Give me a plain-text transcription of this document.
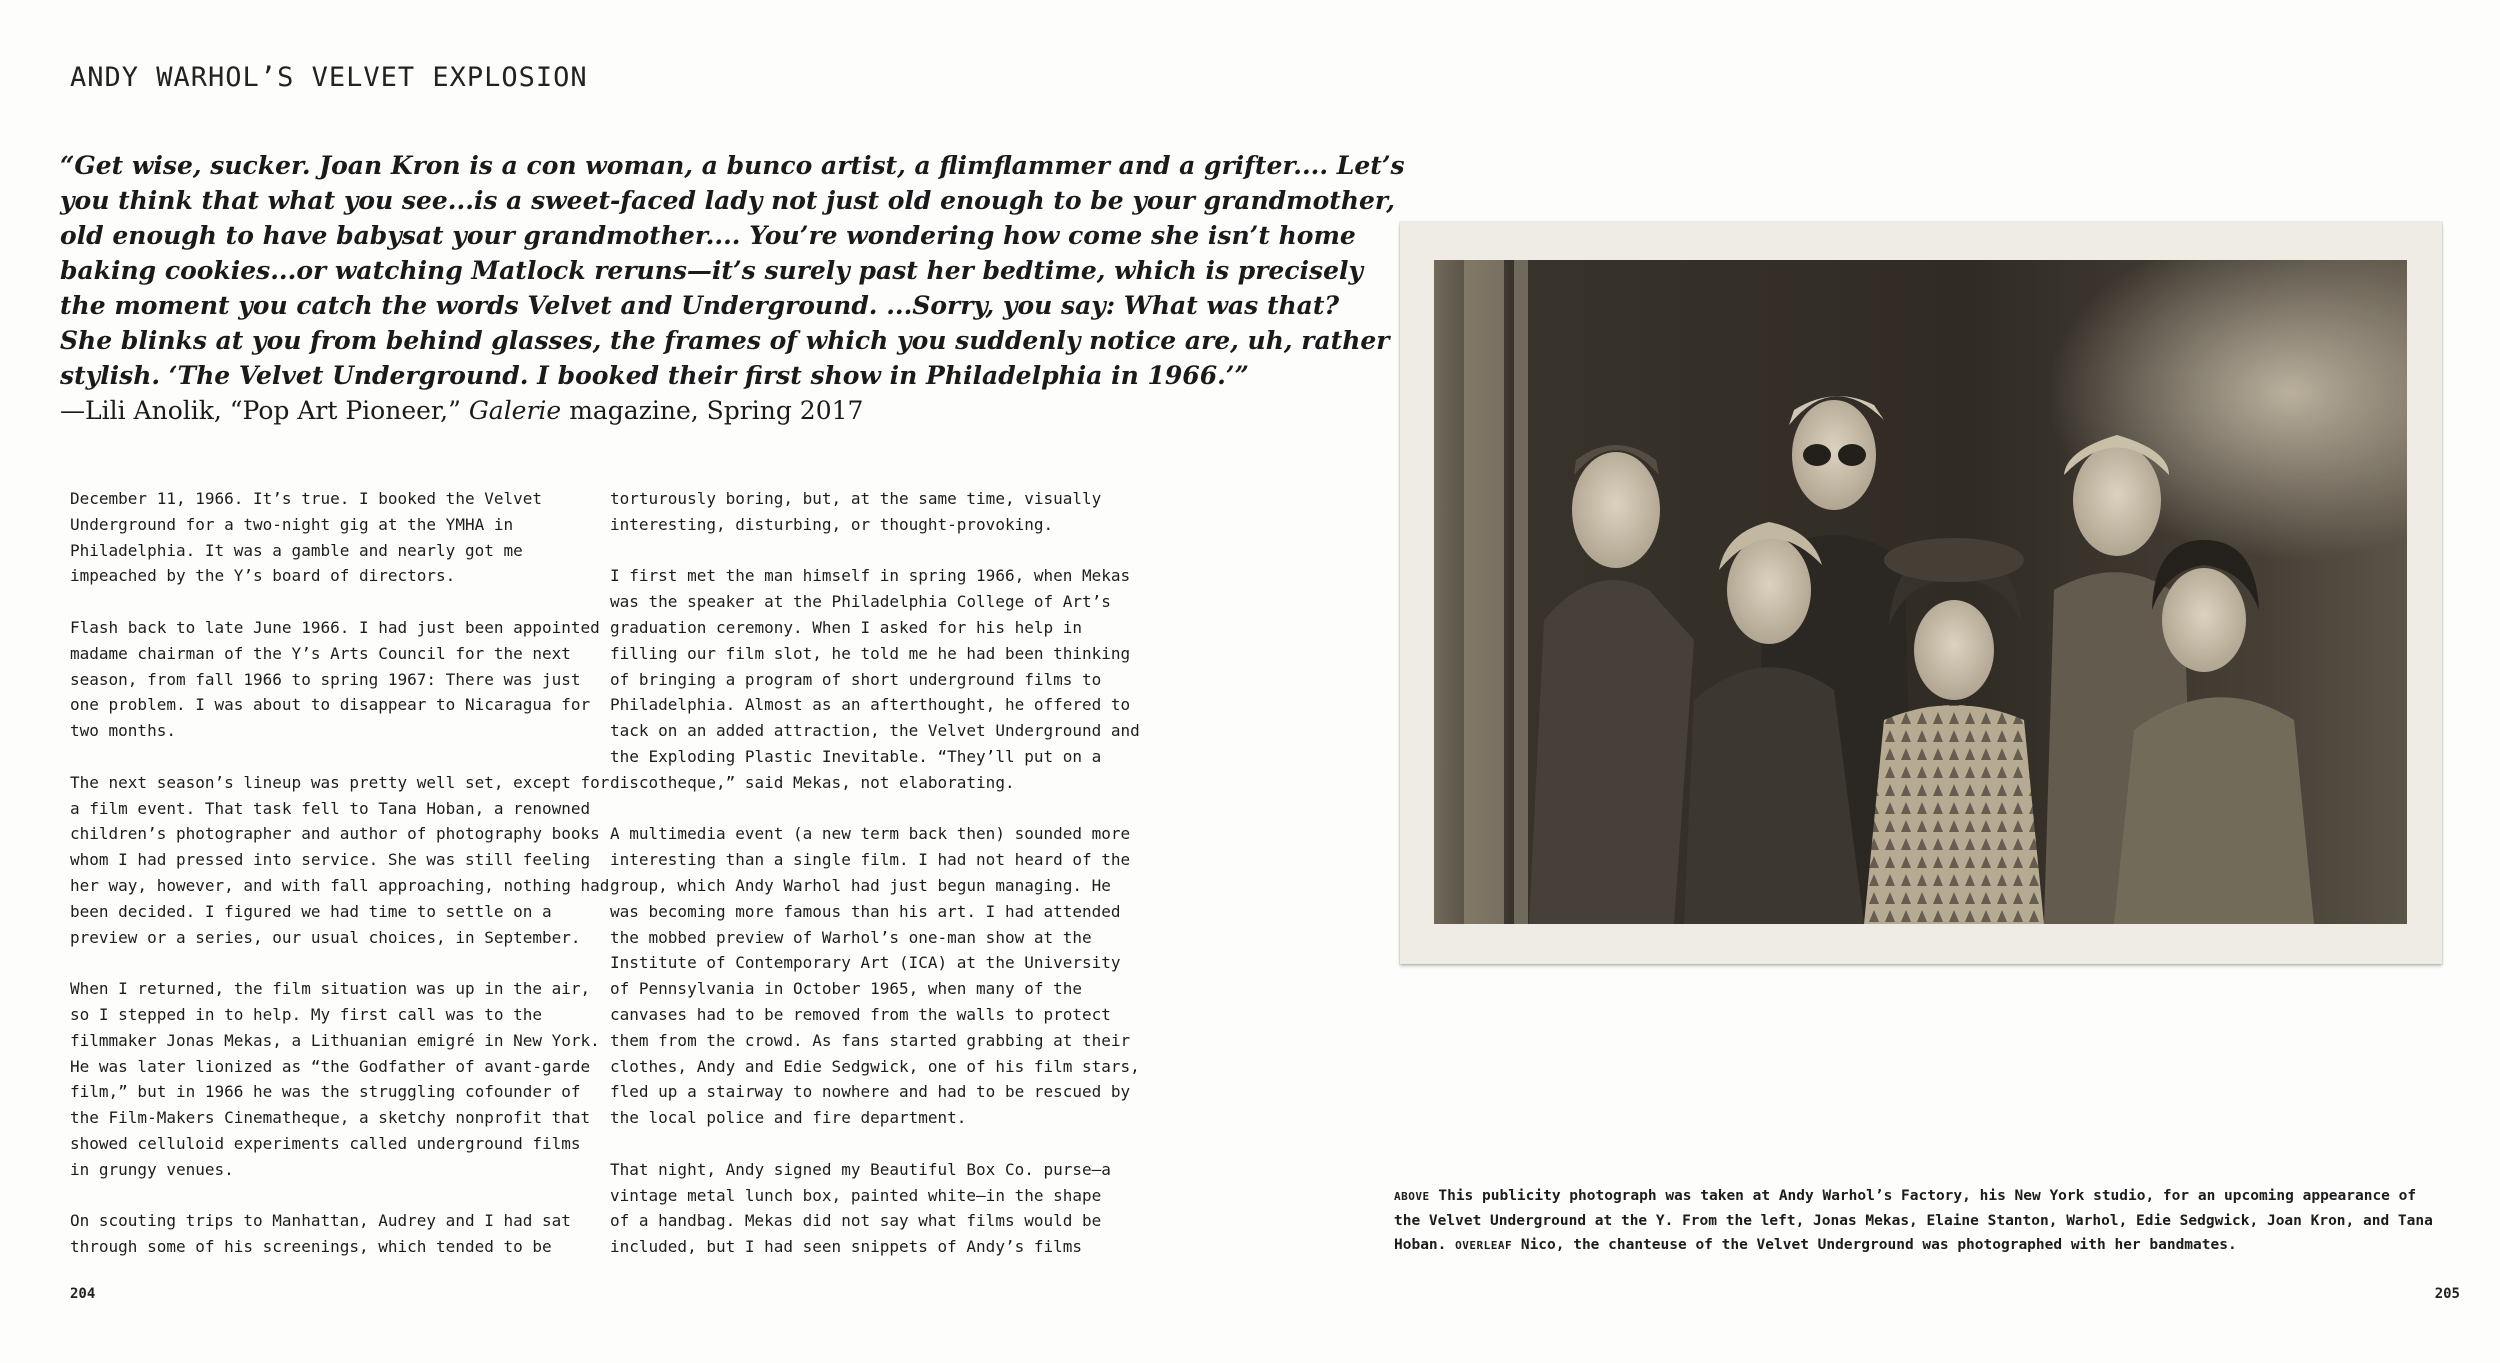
ANDY WARHOL’S VELVET EXPLOSION
“Get wise, sucker. Joan Kron is a con woman, a bunco artist, a flimflammer and a grifter.... Let’s
you think that what you see...is a sweet-faced lady not just old enough to be your grandmother,
old enough to have babysat your grandmother.... You’re wondering how come she isn’t home
baking cookies...or watching Matlock reruns—it’s surely past her bedtime, which is precisely
the moment you catch the words Velvet and Underground. ...Sorry, you say: What was that?
She blinks at you from behind glasses, the frames of which you suddenly notice are, uh, rather
stylish. ‘The Velvet Underground. I booked their first show in Philadelphia in 1966.’”
—Lili Anolik, “Pop Art Pioneer,” Galerie magazine, Spring 2017

December 11, 1966. It’s true. I booked the Velvet
Underground for a two-night gig at the YMHA in
Philadelphia. It was a gamble and nearly got me
impeached by the Y’s board of directors.

Flash back to late June 1966. I had just been appointed
madame chairman of the Y’s Arts Council for the next
season, from fall 1966 to spring 1967: There was just
one problem. I was about to disappear to Nicaragua for
two months.

The next season’s lineup was pretty well set, except for
a film event. That task fell to Tana Hoban, a renowned
children’s photographer and author of photography books
whom I had pressed into service. She was still feeling
her way, however, and with fall approaching, nothing had
been decided. I figured we had time to settle on a
preview or a series, our usual choices, in September.

When I returned, the film situation was up in the air,
so I stepped in to help. My first call was to the
filmmaker Jonas Mekas, a Lithuanian emigré in New York.
He was later lionized as “the Godfather of avant-garde
film,” but in 1966 he was the struggling cofounder of
the Film-Makers Cinematheque, a sketchy nonprofit that
showed celluloid experiments called underground films
in grungy venues.

On scouting trips to Manhattan, Audrey and I had sat
through some of his screenings, which tended to be

torturously boring, but, at the same time, visually
interesting, disturbing, or thought-provoking.

I first met the man himself in spring 1966, when Mekas
was the speaker at the Philadelphia College of Art’s
graduation ceremony. When I asked for his help in
filling our film slot, he told me he had been thinking
of bringing a program of short underground films to
Philadelphia. Almost as an afterthought, he offered to
tack on an added attraction, the Velvet Underground and
the Exploding Plastic Inevitable. “They’ll put on a
discotheque,” said Mekas, not elaborating.

A multimedia event (a new term back then) sounded more
interesting than a single film. I had not heard of the
group, which Andy Warhol had just begun managing. He
was becoming more famous than his art. I had attended
the mobbed preview of Warhol’s one-man show at the
Institute of Contemporary Art (ICA) at the University
of Pennsylvania in October 1965, when many of the
canvases had to be removed from the walls to protect
them from the crowd. As fans started grabbing at their
clothes, Andy and Edie Sedgwick, one of his film stars,
fled up a stairway to nowhere and had to be rescued by
the local police and fire department.

That night, Andy signed my Beautiful Box Co. purse—a
vintage metal lunch box, painted white—in the shape
of a handbag. Mekas did not say what films would be
included, but I had seen snippets of Andy’s films

204
ABOVE This publicity photograph was taken at Andy Warhol’s Factory, his New York studio, for an upcoming appearance of
the Velvet Underground at the Y. From the left, Jonas Mekas, Elaine Stanton, Warhol, Edie Sedgwick, Joan Kron, and Tana
Hoban. OVERLEAF Nico, the chanteuse of the Velvet Underground was photographed with her bandmates.
205
